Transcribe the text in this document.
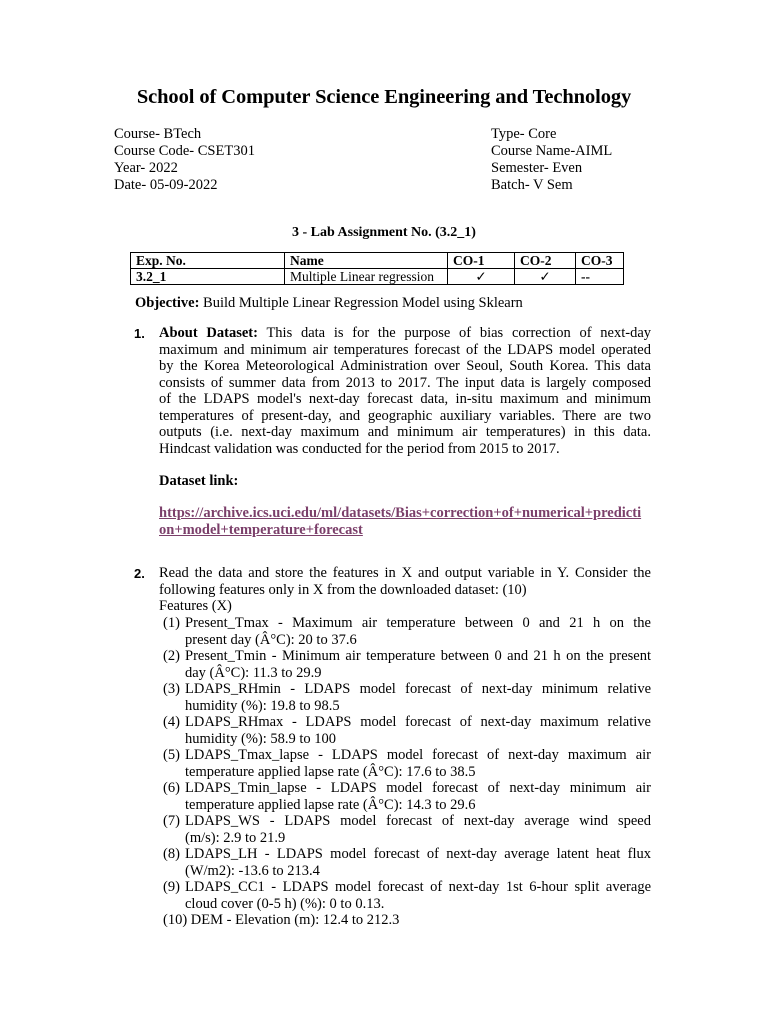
School of Computer Science Engineering and Technology
Course- BTech
Course Code- CSET301
Year- 2022
Date- 05-09-2022
Type- Core
Course Name-AIML
Semester- Even
Batch- V Sem
3 - Lab Assignment No. (3.2_1)
Exp. No.	Name	CO-1	CO-2	CO-3
3.2_1	Multiple Linear regression	✓	✓	--
Objective: Build Multiple Linear Regression Model using Sklearn
1. About Dataset: This data is for the purpose of bias correction of next-day
maximum and minimum air temperatures forecast of the LDAPS model operated
by the Korea Meteorological Administration over Seoul, South Korea. This data
consists of summer data from 2013 to 2017. The input data is largely composed
of the LDAPS model's next-day forecast data, in-situ maximum and minimum
temperatures of present-day, and geographic auxiliary variables. There are two
outputs (i.e. next-day maximum and minimum air temperatures) in this data.
Hindcast validation was conducted for the period from 2015 to 2017.
Dataset link:
https://archive.ics.uci.edu/ml/datasets/Bias+correction+of+numerical+predicti
on+model+temperature+forecast
2. Read the data and store the features in X and output variable in Y. Consider the
following features only in X from the downloaded dataset: (10)
Features (X)
(1) Present_Tmax - Maximum air temperature between 0 and 21 h on the
present day (Â°C): 20 to 37.6
(2) Present_Tmin - Minimum air temperature between 0 and 21 h on the present
day (Â°C): 11.3 to 29.9
(3) LDAPS_RHmin - LDAPS model forecast of next-day minimum relative
humidity (%): 19.8 to 98.5
(4) LDAPS_RHmax - LDAPS model forecast of next-day maximum relative
humidity (%): 58.9 to 100
(5) LDAPS_Tmax_lapse - LDAPS model forecast of next-day maximum air
temperature applied lapse rate (Â°C): 17.6 to 38.5
(6) LDAPS_Tmin_lapse - LDAPS model forecast of next-day minimum air
temperature applied lapse rate (Â°C): 14.3 to 29.6
(7) LDAPS_WS - LDAPS model forecast of next-day average wind speed
(m/s): 2.9 to 21.9
(8) LDAPS_LH - LDAPS model forecast of next-day average latent heat flux
(W/m2): -13.6 to 213.4
(9) LDAPS_CC1 - LDAPS model forecast of next-day 1st 6-hour split average
cloud cover (0-5 h) (%): 0 to 0.13.
(10) DEM - Elevation (m): 12.4 to 212.3
